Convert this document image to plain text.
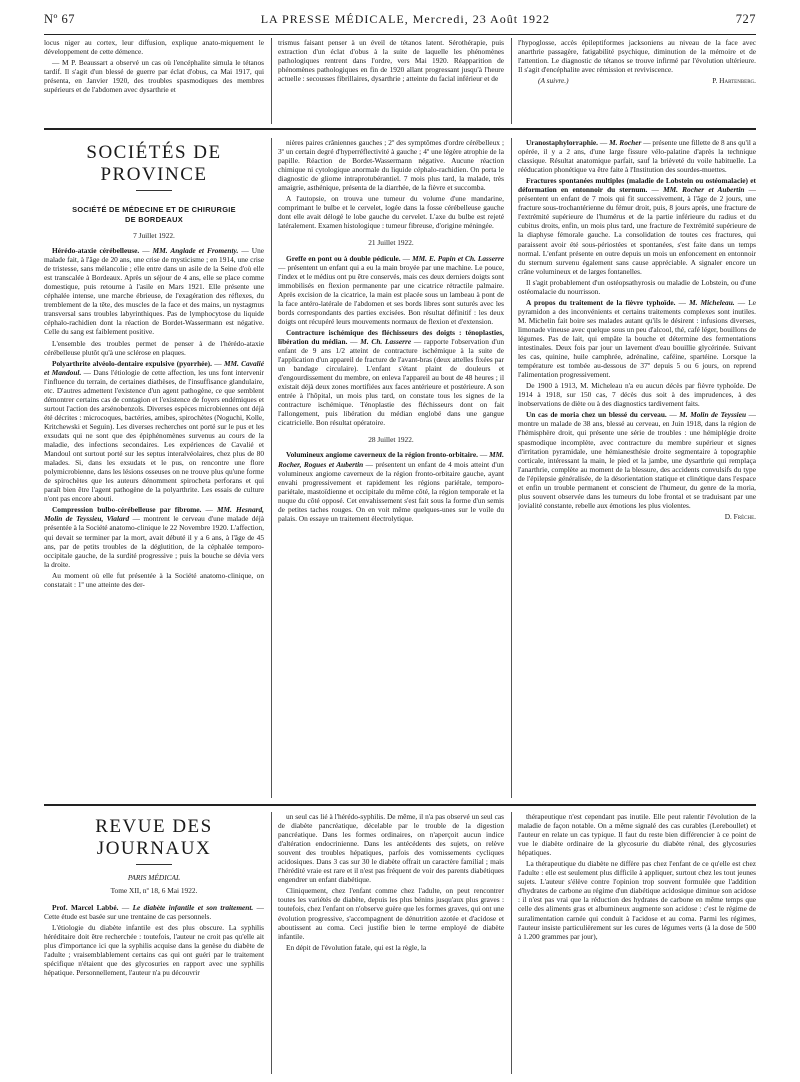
Nº 67	LA PRESSE MÉDICALE, Mercredi, 23 Août 1922	727

locus niger au cortex, leur diffusion, explique anato-miquement le développement de cette démence.

— M P. Beaussart a observé un cas où l'encéphalite simula le tétanos tardif. Il s'agit d'un blessé de guerre par éclat d'obus, ca Mai 1917, qui présenta, en Janvier 1920, des troubles spasmodiques des membres supérieurs et de l'abdomen avec dysarthrie et

trismus faisant penser à un éveil de tétanos latent. Sérothérapie, puis extraction d'un éclat d'obus à la suite de laquelle les phénomènes pathologiques rentrent dans l'ordre, vers Mai 1920. Réapparition de phénomènes pathologiques en fin de 1920 allant progressant jusqu'à l'heure actuelle : secousses fibrillaires, dysarthrie ; atteinte du facial inférieur et de

l'hypoglosse, accès épileptiformes jacksoniens au niveau de la face avec anarthrie passagère, fatigabilité psychique, diminution de la mémoire et de l'attention. Le diagnostic de tétanos se trouve infirmé par l'évolution ultérieure. Il s'agit d'encéphalite avec rémission et reviviscence.

(A suivre.)	P. Hartenberg.

SOCIÉTÉS DE PROVINCE
SOCIÉTÉ DE MÉDECINE ET DE CHIRURGIE
DE BORDEAUX

7 Juillet 1922.

Hérédo-ataxie cérébelleuse. — MM. Anglade et Fromenty. — Une malade fait, à l'âge de 20 ans, une crise de mysticisme ; en 1914, une crise de tristesse, sans mélancolie ; elle entre dans un asile de la Seine d'où elle est transcalée à Bordeaux. Après un séjour de 4 ans, elle se place comme domestique, puis retourne à l'asile en Mars 1921. Elle présente une céphalée intense, une marche ébrieuse, de l'exagération des réflexes, du tremblement de la tête, des muscles de la face et des mains, un nystagmus transversal sans troubles labyrinthiques. Pas de lymphocytose du liquide céphalo-rachidien dont la réaction de Bordet-Wassermann est négative. Celle du sang est faiblement positive.

L'ensemble des troubles permet de penser à de l'hérédo-ataxie cérébelleuse plutôt qu'à une sclérose en plaques.

Polyarthrite alvéolo-dentaire expulsive (pyorrhée). — MM. Cavalié et Mandoul. — Dans l'étiologie de cette affection, les uns font intervenir l'influence du terrain, de certaines diathèses, de l'insuffisance glandulaire, etc. D'autres admettent l'existence d'un agent pathogène, ce que semblent démontrer certains cas de contagion et l'existence de foyers endémiques et surtout l'action des arsénobenzols. Diverses espèces microbiennes ont déjà été décrites : microcoques, bactéries, amibes, spirochètes (Noguchi, Kolle, Kritchewski et Seguin). Les diverses recherches ont porté sur le pus et les exsudats qui ne sont que des épiphénomènes survenus au cours de la maladie, des infections secondaires. Les expériences de Cavalié et Mandoul ont surtout porté sur les septus interalvéolaires, chez plus de 80 malades. Si, dans les exsudats et le pus, on rencontre une flore polymicrobienne, dans les lésions osseuses on ne trouve plus qu'une forme de spirochètes que les auteurs dénomment spirocheta perforans et qui paraît bien être l'agent pathogène de la polyarthrite. Les essais de culture n'ont pas encore abouti.

Compression bulbo-cérébelleuse par fibrome. — MM. Hesnard, Molin de Teyssieu, Vialard — montrent le cerveau d'une malade déjà présentée à la Société anatomo-clinique le 22 Novembre 1920. L'affection, qui devait se terminer par la mort, avait débuté il y a 6 ans, à l'âge de 45 ans, par de petits troubles de la déglutition, de la céphalée temporo-occipitale gauche, de la surdité progressive ; puis la bouche se dévia vers la droite.

Au moment où elle fut présentée à la Société anatomo-clinique, on constatait : 1º une atteinte des der-

nières paires crâniennes gauches ; 2º des symptômes d'ordre cérébelleux ; 3º un certain degré d'hyperréflectivité à gauche ; 4º une légère atrophie de la papille. Réaction de Bordet-Wassermann négative. Aucune réaction chimique ni cytologique anormale du liquide céphalo-rachidien. On porta le diagnostic de gliome intraprotubérantiel. 7 mois plus tard, la malade, très amaigrie, asthénique, présenta de la diarrhée, de la fièvre et succomba.

A l'autopsie, on trouva une tumeur du volume d'une mandarine, comprimant le bulbe et le cervelet, logée dans la fosse cérébelleuse gauche dont elle avait délogé le lobe gauche du cervelet. L'axe du bulbe est rejeté latéralement. Examen histologique : tumeur fibreuse, d'origine méningée.

21 Juillet 1922.

Greffe en pont ou à double pédicule. — MM. E. Papin et Ch. Lasserre — présentent un enfant qui a eu la main broyée par une machine. Le pouce, l'index et le médius ont pu être conservés, mais ces deux derniers doigts sont immobilisés en flexion permanente par une cicatrice rétractile palmaire. Après excision de la cicatrice, la main est placée sous un lambeau à pont de la face antéro-latérale de l'abdomen et ses bords libres sont suturés avec les bords correspondants des parties excisées. Bon résultat définitif : les deux doigts ont récupéré leurs mouvements normaux de flexion et d'extension.

Contracture ischémique des fléchisseurs des doigts : ténoplasties, libération du médian. — M. Ch. Lasserre — rapporte l'observation d'un enfant de 9 ans 1/2 atteint de contracture ischémique à la suite de l'application d'un appareil de fracture de l'avant-bras (deux attelles fixées par un bandage circulaire). L'enfant s'étant plaint de douleurs et d'engourdissement du membre, on enleva l'appareil au bout de 48 heures ; il existait déjà deux zones mortifiées aux faces antérieure et postérieure. A son entrée à l'hôpital, un mois plus tard, on constate tous les signes de la contracture ischémique. Ténoplastie des fléchisseurs dont on fait l'allongement, puis libération du médian englobé dans une gangue cicatricielle. Bon résultat opératoire.

28 Juillet 1922.

Volumineux angiome caverneux de la région fronto-orbitaire. — MM. Rocher, Rogues et Aubertin — présentent un enfant de 4 mois atteint d'un volumineux angiome caverneux de la région fronto-orbitaire gauche, ayant envahi progressivement et rapidement les régions pariétale, temporo-pariétale, mastoïdienne et occipitale du même côté, la région temporale et la nuque du côté opposé. Cet envahissement s'est fait sous la forme d'un semis de petites taches rouges. On en voit même quelques-unes sur le voile du palais. On essaye un traitement électrolytique.

Uranostaphylorraphie. — M. Rocher — présente une fillette de 8 ans qu'il a opérée, il y a 2 ans, d'une large fissure vélo-palatine d'après la technique classique. Résultat anatomique parfait, sauf la brièveté du voile habituelle. La rééducation phonétique va être faite à l'Institution des sourdes-muettes.

Fractures spontanées multiples (maladie de Lobstein ou ostéomalacie) et déformation en entonnoir du sternum. — MM. Rocher et Aubertin — présentent un enfant de 7 mois qui fit successivement, à l'âge de 2 jours, une fracture sous-trochantérienne du fémur droit, puis, 8 jours après, une fracture de l'extrémité supérieure de l'humérus et de la partie inférieure du radius et du cubitus droits, enfin, un mois plus tard, une fracture de l'extrémité supérieure de la diaphyse fémorale gauche. La consolidation de toutes ces fractures, qui paraissent avoir été sous-périostées et spontanées, s'est faite dans un temps normal. L'enfant présente en outre depuis un mois un enfoncement en entonnoir du sternum survenu également sans cause appréciable. A signaler encore un crâne volumineux et de larges fontanelles.

Il s'agit probablement d'un ostéopsathyrosis ou maladie de Lobstein, ou d'une ostéomalacie du nourrisson.

A propos du traitement de la fièvre typhoïde. — M. Micheleau. — Le pyramidon a des inconvénients et certains traitements complexes sont inutiles. M. Michelin fait boire ses malades autant qu'ils le désirent : infusions diverses, limonade vineuse avec quelque sous un peu d'alcool, thé, café léger, bouillons de légumes. Pas de lait, qui empâte la bouche et détermine des fermentations intestinales. Deux fois par jour un lavement d'eau bouillie glycérinée. Suivant les cas, quinine, huile camphrée, adrénaline, caféine, spartéine. Lorsque la température est tombée au-dessous de 37º depuis 5 ou 6 jours, on reprend l'alimentation progressivement.

De 1900 à 1913, M. Micheleau n'a eu aucun décès par fièvre typhoïde. De 1914 à 1918, sur 150 cas, 7 décès dus soit à des imprudences, à des inobservations de diète ou à des diagnostics tardivement faits.

Un cas de moria chez un blessé du cerveau. — M. Molin de Teyssieu — montre un malade de 38 ans, blessé au cerveau, en Juin 1918, dans la région de l'hémisphère droit, qui présente une série de troubles : une hémiplégie droite spasmodique incomplète, avec contracture du membre supérieur et signes d'irritation pyramidale, une hémianesthésie droite segmentaire à topographie corticale, intéressant la main, le pied et la jambe, une dysarthrie qui remplaça l'anarthrie, complète au moment de la blessure, des accidents convulsifs du type de l'épilepsie généralisée, de la désorientation statique et clinétique dans l'espace et enfin un trouble permanent et conscient de l'humeur, du genre de la moria, plus souvent observée dans les tumeurs du lobe frontal et se traduisant par une jovialité constante, rebelle aux émotions les plus violentes.

D. Frèche.

REVUE DES JOURNAUX

PARIS MÉDICAL

Tome XII, nº 18, 6 Mai 1922.

Prof. Marcel Labbé. — Le diabète infantile et son traitement. — Cette étude est basée sur une trentaine de cas personnels.

L'étiologie du diabète infantile est des plus obscure. La syphilis héréditaire doit être recherchée : toutefois, l'auteur ne croit pas qu'elle ait plus d'importance ici que la syphilis acquise dans la genèse du diabète de l'adulte ; vraisemblablement certains cas qui ont guéri par le traitement spécifique n'étaient que des glycosuries en rapport avec une syphilis hépatique. Personnellement, l'auteur n'a pu découvrir

un seul cas lié à l'hérédo-syphilis. De même, il n'a pas observé un seul cas de diabète pancréatique, décelable par le trouble de la digestion pancréatique. Dans les formes ordinaires, on n'aperçoit aucun indice d'altération endocrinienne. Dans les antécédents des sujets, on relève souvent des troubles hépatiques, parfois des vomissements cycliques acidosiques. Dans 3 cas sur 30 le diabète offrait un caractère familial ; mais l'hérédité vraie est rare et il n'est pas fréquent de voir des parents diabétiques engendrer un enfant diabétique.

Cliniquement, chez l'enfant comme chez l'adulte, on peut rencontrer toutes les variétés de diabète, depuis les plus bénins jusqu'aux plus graves : toutefois, chez l'enfant on n'observe guère que les formes graves, qui ont une évolution progressive, s'accompagnent de dénutrition azotée et d'acidose et aboutissent au coma. Ceci justifie bien le terme employé de diabète infantile.

En dépit de l'évolution fatale, qui est la règle, la

thérapeutique n'est cependant pas inutile. Elle peut ralentir l'évolution de la maladie de façon notable. On a même signalé des cas curables (Lereboullet) et l'auteur en relate un cas typique. Il faut du reste bien différencier à ce point de vue le diabète ordinaire de la glycosurie du diabète rénal, des glycosuries hépatiques.

La thérapeutique du diabète ne diffère pas chez l'enfant de ce qu'elle est chez l'adulte : elle est seulement plus difficile à appliquer, surtout chez les tout jeunes sujets. L'auteur s'élève contre l'opinion trop souvent formulée que l'addition d'hydrates de carbone au régime d'un diabétique acidosique diminue son acidose : il n'est pas vrai que la réduction des hydrates de carbone en même temps que celle des aliments gras et albumineux augmente son acidose : c'est le régime de suralimentation carnée qui conduit à l'acidose et au coma. Parmi les régimes, l'auteur insiste particulièrement sur les cures de légumes verts (à la dose de 500 à 1.200 grammes par jour),
